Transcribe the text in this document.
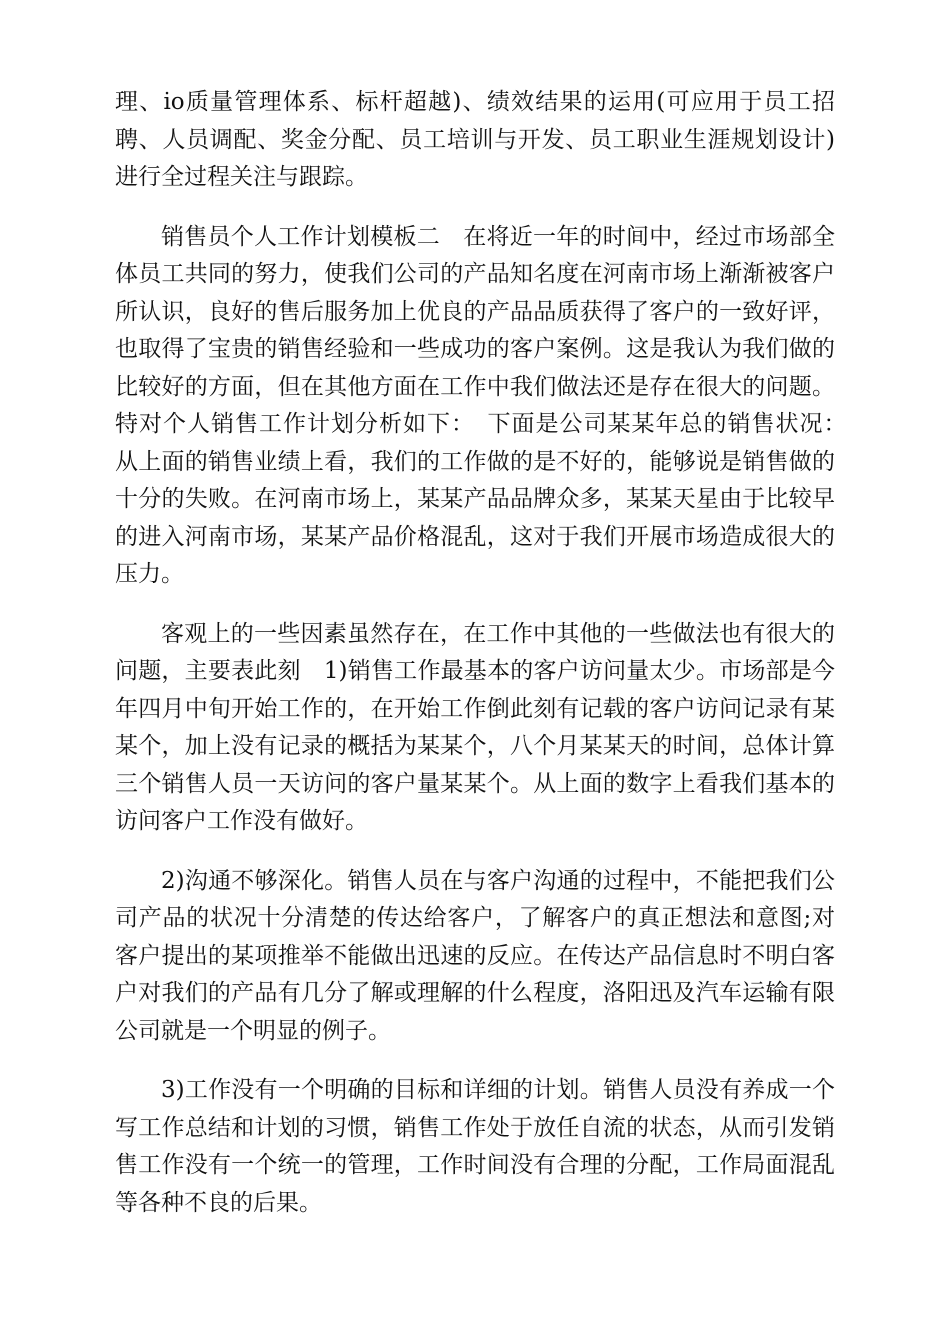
理、io质量管理体系、标杆超越)、绩效结果的运用(可应用于员工招聘、人员调配、奖金分配、员工培训与开发、员工职业生涯规划设计)进行全过程关注与跟踪。

销售员个人工作计划模板二　在将近一年的时间中，经过市场部全体员工共同的努力，使我们公司的产品知名度在河南市场上渐渐被客户所认识，良好的售后服务加上优良的产品品质获得了客户的一致好评，也取得了宝贵的销售经验和一些成功的客户案例。这是我认为我们做的比较好的方面，但在其他方面在工作中我们做法还是存在很大的问题。特对个人销售工作计划分析如下：　下面是公司某某年总的销售状况：　从上面的销售业绩上看，我们的工作做的是不好的，能够说是销售做的十分的失败。在河南市场上，某某产品品牌众多，某某天星由于比较早的进入河南市场，某某产品价格混乱，这对于我们开展市场造成很大的压力。

客观上的一些因素虽然存在，在工作中其他的一些做法也有很大的问题，主要表此刻　1)销售工作最基本的客户访问量太少。市场部是今年四月中旬开始工作的，在开始工作倒此刻有记载的客户访问记录有某某个，加上没有记录的概括为某某个，八个月某某天的时间，总体计算三个销售人员一天访问的客户量某某个。从上面的数字上看我们基本的访问客户工作没有做好。

2)沟通不够深化。销售人员在与客户沟通的过程中，不能把我们公司产品的状况十分清楚的传达给客户，了解客户的真正想法和意图;对客户提出的某项推举不能做出迅速的反应。在传达产品信息时不明白客户对我们的产品有几分了解或理解的什么程度，洛阳迅及汽车运输有限公司就是一个明显的例子。

3)工作没有一个明确的目标和详细的计划。销售人员没有养成一个写工作总结和计划的习惯，销售工作处于放任自流的状态，从而引发销售工作没有一个统一的管理，工作时间没有合理的分配，工作局面混乱等各种不良的后果。
